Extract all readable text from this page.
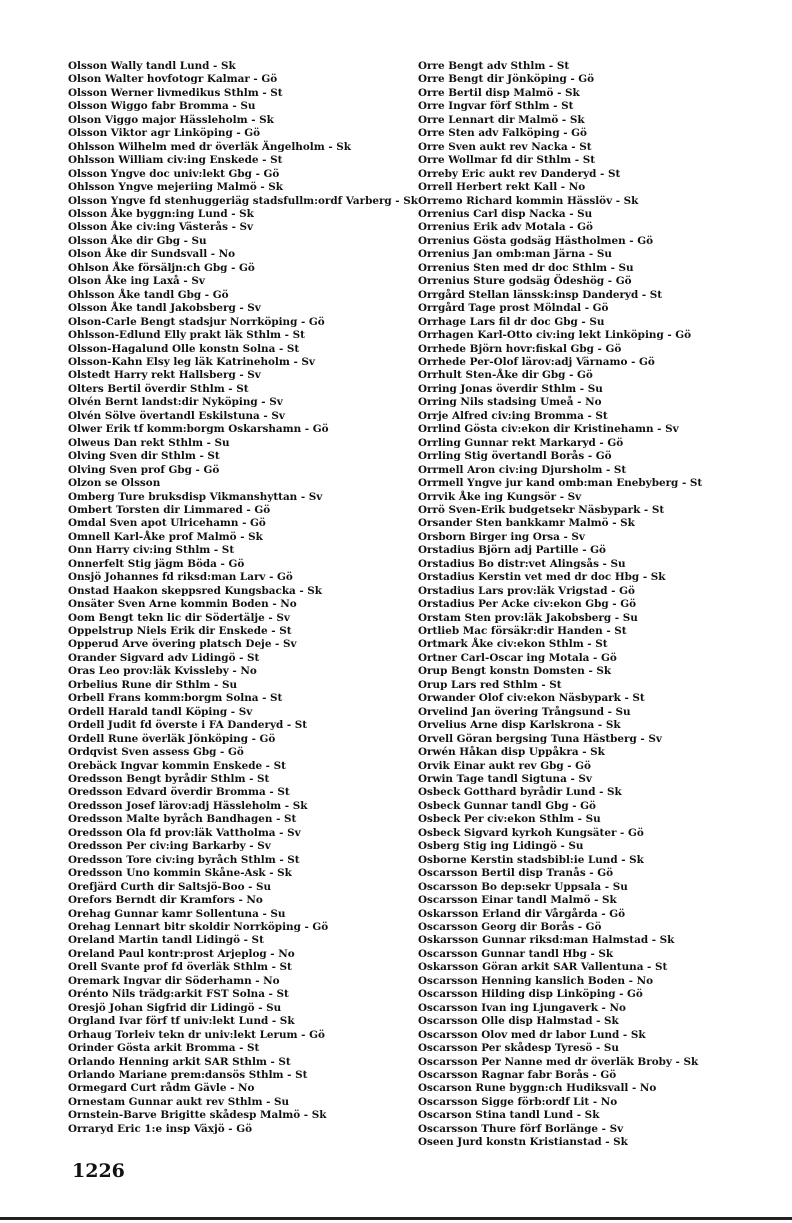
Olsson Wally tandl Lund - Sk
Olson Walter hovfotogr Kalmar - Gö
Olsson Werner livmedikus Sthlm - St
Olsson Wiggo fabr Bromma - Su
Olson Viggo major Hässleholm - Sk
Olsson Viktor agr Linköping - Gö
Ohlsson Wilhelm med dr överläk Ängelholm - Sk
Ohlsson William civ:ing Enskede - St
Olsson Yngve doc univ:lekt Gbg - Gö
Ohlsson Yngve mejeriing Malmö - Sk
Olsson Yngve fd stenhuggeriäg stadsfullm:ordf Varberg - Sk
Olsson Åke byggn:ing Lund - Sk
Olsson Åke civ:ing Västerås - Sv
Olsson Åke dir Gbg - Su
Olson Åke dir Sundsvall - No
Ohlson Åke försäljn:ch Gbg - Gö
Olson Åke ing Laxå - Sv
Ohlsson Åke tandl Gbg - Gö
Olsson Åke tandl Jakobsberg - Sv
Olson-Carle Bengt stadsjur Norrköping - Gö
Ohlsson-Edlund Elly prakt läk Sthlm - St
Olsson-Hagalund Olle konstn Solna - St
Olsson-Kahn Elsy leg läk Katrineholm - Sv
Olstedt Harry rekt Hallsberg - Sv
Olters Bertil överdir Sthlm - St
Olvén Bernt landst:dir Nyköping - Sv
Olvén Sölve övertandl Eskilstuna - Sv
Olwer Erik tf komm:borgm Oskarshamn - Gö
Olweus Dan rekt Sthlm - Su
Olving Sven dir Sthlm - St
Olving Sven prof Gbg - Gö
Olzon se Olsson
Omberg Ture bruksdisp Vikmanshyttan - Sv
Ombert Torsten dir Limmared - Gö
Omdal Sven apot Ulricehamn - Gö
Omnell Karl-Åke prof Malmö - Sk
Onn Harry civ:ing Sthlm - St
Onnerfelt Stig jägm Böda - Gö
Onsjö Johannes fd riksd:man Larv - Gö
Onstad Haakon skeppsred Kungsbacka - Sk
Onsäter Sven Arne kommin Boden - No
Oom Bengt tekn lic dir Södertälje - Sv
Oppelstrup Niels Erik dir Enskede - St
Opperud Arve övering platsch Deje - Sv
Orander Sigvard adv Lidingö - St
Oras Leo prov:läk Kvissleby - No
Orbelius Rune dir Sthlm - Su
Orbell Frans komm:borgm Solna - St
Ordell Harald tandl Köping - Sv
Ordell Judit fd överste i FA Danderyd - St
Ordell Rune överläk Jönköping - Gö
Ordqvist Sven assess Gbg - Gö
Orebäck Ingvar kommin Enskede - St
Oredsson Bengt byrådir Sthlm - St
Oredsson Edvard överdir Bromma - St
Oredsson Josef lärov:adj Hässleholm - Sk
Oredsson Malte byråch Bandhagen - St
Oredsson Ola fd prov:läk Vattholma - Sv
Oredsson Per civ:ing Barkarby - Sv
Oredsson Tore civ:ing byråch Sthlm - St
Oredsson Uno kommin Skåne-Ask - Sk
Orefjärd Curth dir Saltsjö-Boo - Su
Orefors Berndt dir Kramfors - No
Orehag Gunnar kamr Sollentuna - Su
Orehag Lennart bitr skoldir Norrköping - Gö
Oreland Martin tandl Lidingö - St
Oreland Paul kontr:prost Arjeplog - No
Orell Svante prof fd överläk Sthlm - St
Oremark Ingvar dir Söderhamn - No
Orénto Nils trädg:arkit FST Solna - St
Oresjö Johan Sigfrid dir Lidingö - Su
Orgland Ivar förf tf univ:lekt Lund - Sk
Orhaug Torleiv tekn dr univ:lekt Lerum - Gö
Orinder Gösta arkit Bromma - St
Orlando Henning arkit SAR Sthlm - St
Orlando Mariane prem:dansös Sthlm - St
Ormegard Curt rådm Gävle - No
Ornestam Gunnar aukt rev Sthlm - Su
Ornstein-Barve Brigitte skådesp Malmö - Sk
Orraryd Eric 1:e insp Växjö - Gö
Orre Bengt adv Sthlm - St
Orre Bengt dir Jönköping - Gö
Orre Bertil disp Malmö - Sk
Orre Ingvar förf Sthlm - St
Orre Lennart dir Malmö - Sk
Orre Sten adv Falköping - Gö
Orre Sven aukt rev Nacka - St
Orre Wollmar fd dir Sthlm - St
Orreby Eric aukt rev Danderyd - St
Orrell Herbert rekt Kall - No
Orremo Richard kommin Hässlöv - Sk
Orrenius Carl disp Nacka - Su
Orrenius Erik adv Motala - Gö
Orrenius Gösta godsäg Hästholmen - Gö
Orrenius Jan omb:man Järna - Su
Orrenius Sten med dr doc Sthlm - Su
Orrenius Sture godsäg Ödeshög - Gö
Orrgård Stellan länssk:insp Danderyd - St
Orrgård Tage prost Mölndal - Gö
Orrhage Lars fil dr doc Gbg - Su
Orrhagen Karl-Otto civ:ing lekt Linköping - Gö
Orrhede Björn hovr:fiskal Gbg - Gö
Orrhede Per-Olof lärov:adj Värnamo - Gö
Orrhult Sten-Åke dir Gbg - Gö
Orring Jonas överdir Sthlm - Su
Orring Nils stadsing Umeå - No
Orrje Alfred civ:ing Bromma - St
Orrlind Gösta civ:ekon dir Kristinehamn - Sv
Orrling Gunnar rekt Markaryd - Gö
Orrling Stig övertandl Borås - Gö
Orrmell Aron civ:ing Djursholm - St
Orrmell Yngve jur kand omb:man Enebyberg - St
Orrvik Åke ing Kungsör - Sv
Orrö Sven-Erik budgetsekr Näsbypark - St
Orsander Sten bankkamr Malmö - Sk
Orsborn Birger ing Orsa - Sv
Orstadius Björn adj Partille - Gö
Orstadius Bo distr:vet Alingsås - Su
Orstadius Kerstin vet med dr doc Hbg - Sk
Orstadius Lars prov:läk Vrigstad - Gö
Orstadius Per Acke civ:ekon Gbg - Gö
Orstam Sten prov:läk Jakobsberg - Su
Ortlieb Mac försäkr:dir Handen - St
Ortmark Åke civ:ekon Sthlm - St
Ortner Carl-Oscar ing Motala - Gö
Orup Bengt konstn Domsten - Sk
Orup Lars red Sthlm - St
Orwander Olof civ:ekon Näsbypark - St
Orvelind Jan övering Trångsund - Su
Orvelius Arne disp Karlskrona - Sk
Orvell Göran bergsing Tuna Hästberg - Sv
Orwén Håkan disp Uppåkra - Sk
Orvik Einar aukt rev Gbg - Gö
Orwin Tage tandl Sigtuna - Sv
Osbeck Gotthard byrådir Lund - Sk
Osbeck Gunnar tandl Gbg - Gö
Osbeck Per civ:ekon Sthlm - Su
Osbeck Sigvard kyrkoh Kungsäter - Gö
Osberg Stig ing Lidingö - Su
Osborne Kerstin stadsbibl:ie Lund - Sk
Oscarsson Bertil disp Tranås - Gö
Oscarsson Bo dep:sekr Uppsala - Su
Oscarsson Einar tandl Malmö - Sk
Oskarsson Erland dir Vårgårda - Gö
Oscarsson Georg dir Borås - Gö
Oskarsson Gunnar riksd:man Halmstad - Sk
Oscarsson Gunnar tandl Hbg - Sk
Oskarsson Göran arkit SAR Vallentuna - St
Oscarsson Henning kanslich Boden - No
Oscarsson Hilding disp Linköping - Gö
Oscarsson Ivan ing Ljungaverk - No
Oscarsson Olle disp Halmstad - Sk
Oscarsson Olov med dr labor Lund - Sk
Oscarsson Per skådesp Tyresö - Su
Oscarsson Per Nanne med dr överläk Broby - Sk
Oscarsson Ragnar fabr Borås - Gö
Oscarson Rune byggn:ch Hudiksvall - No
Oscarsson Sigge förb:ordf Lit - No
Oscarson Stina tandl Lund - Sk
Oscarsson Thure förf Borlänge - Sv
Oseen Jurd konstn Kristianstad - Sk
1226
